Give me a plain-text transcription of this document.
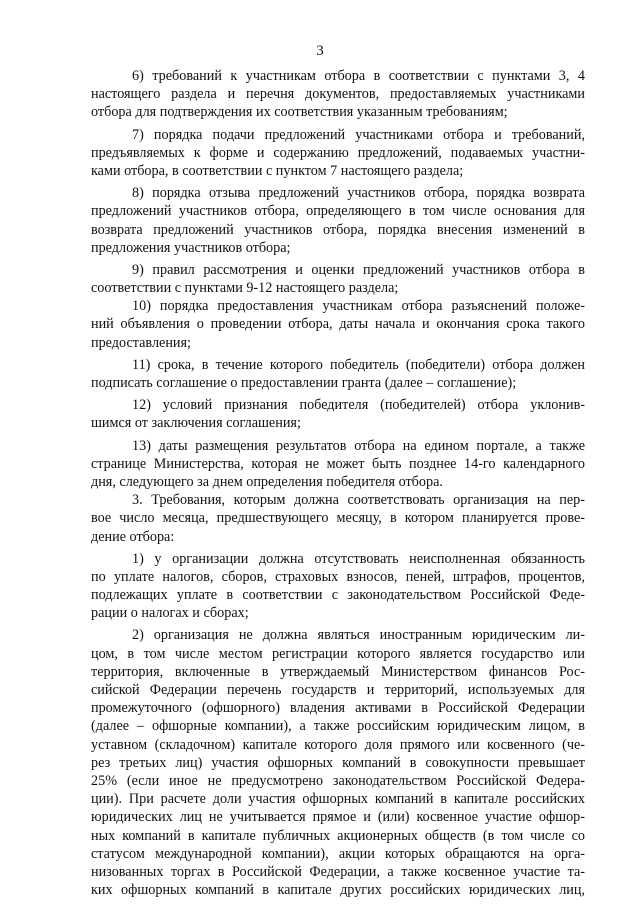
3
6) требований к участникам отбора в соответствии с пунктами 3, 4
настоящего раздела и перечня документов, предоставляемых участниками
отбора для подтверждения их соответствия указанным требованиям;
7) порядка подачи предложений участниками отбора и требований,
предъявляемых к форме и содержанию предложений, подаваемых участни-
ками отбора, в соответствии с пунктом 7 настоящего раздела;
8) порядка отзыва предложений участников отбора, порядка возврата
предложений участников отбора, определяющего в том числе основания для
возврата предложений участников отбора, порядка внесения изменений в
предложения участников отбора;
9) правил рассмотрения и оценки предложений участников отбора в
соответствии с пунктами 9-12 настоящего раздела;
10) порядка предоставления участникам отбора разъяснений положе-
ний объявления о проведении отбора, даты начала и окончания срока такого
предоставления;
11) срока, в течение которого победитель (победители) отбора должен
подписать соглашение о предоставлении гранта (далее – соглашение);
12) условий признания победителя (победителей) отбора уклонив-
шимся от заключения соглашения;
13) даты размещения результатов отбора на едином портале, а также
странице Министерства, которая не может быть позднее 14-го календарного
дня, следующего за днем определения победителя отбора.
3. Требования, которым должна соответствовать организация на пер-
вое число месяца, предшествующего месяцу, в котором планируется прове-
дение отбора:
1) у организации должна отсутствовать неисполненная обязанность
по уплате налогов, сборов, страховых взносов, пеней, штрафов, процентов,
подлежащих уплате в соответствии с законодательством Российской Феде-
рации о налогах и сборах;
2) организация не должна являться иностранным юридическим ли-
цом, в том числе местом регистрации которого является государство или
территория, включенные в утверждаемый Министерством финансов Рос-
сийской Федерации перечень государств и территорий, используемых для
промежуточного (офшорного) владения активами в Российской Федерации
(далее – офшорные компании), а также российским юридическим лицом, в
уставном (складочном) капитале которого доля прямого или косвенного (че-
рез третьих лиц) участия офшорных компаний в совокупности превышает
25% (если иное не предусмотрено законодательством Российской Федера-
ции). При расчете доли участия офшорных компаний в капитале российских
юридических лиц не учитывается прямое и (или) косвенное участие офшор-
ных компаний в капитале публичных акционерных обществ (в том числе со
статусом международной компании), акции которых обращаются на орга-
низованных торгах в Российской Федерации, а также косвенное участие та-
ких офшорных компаний в капитале других российских юридических лиц,
